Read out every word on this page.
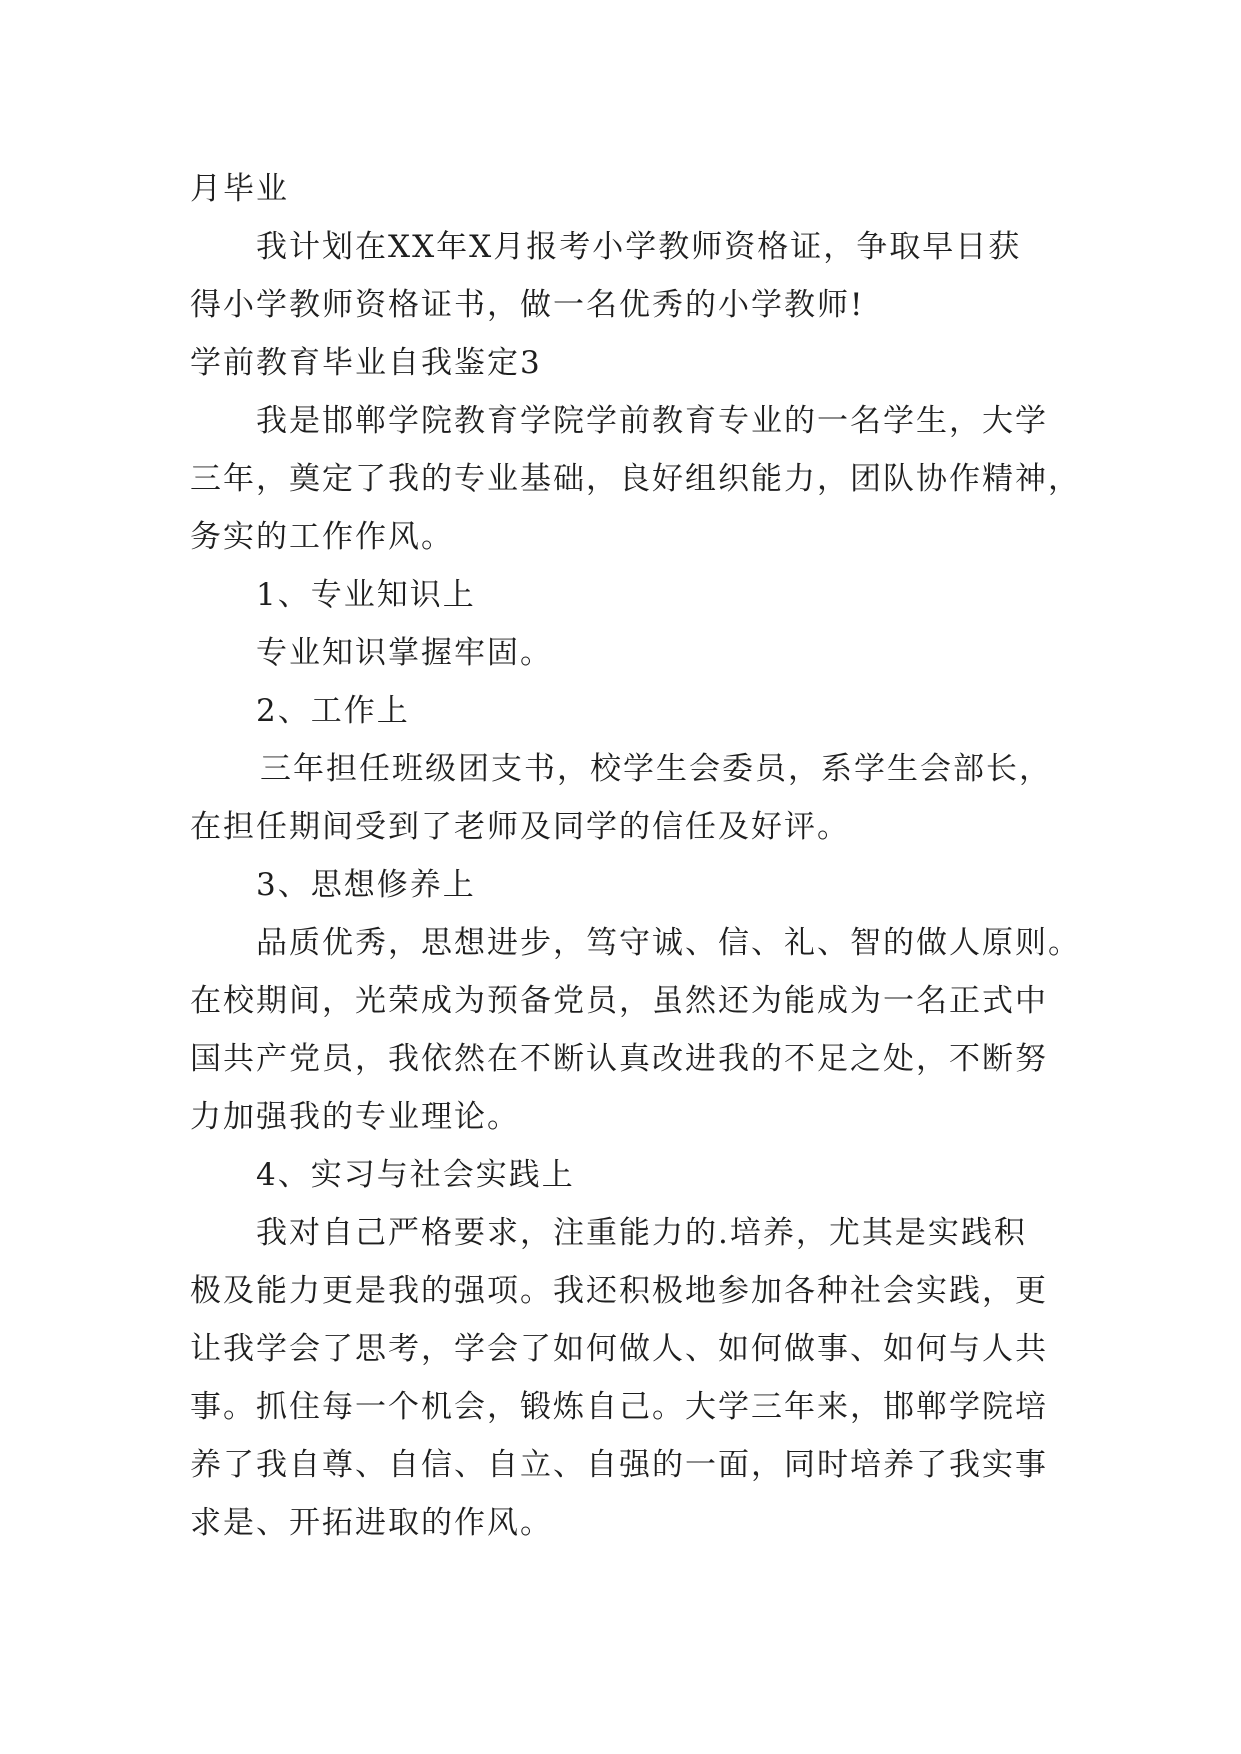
月毕业
我计划在XX年X月报考小学教师资格证，争取早日获
得小学教师资格证书，做一名优秀的小学教师!
学前教育毕业自我鉴定3
我是邯郸学院教育学院学前教育专业的一名学生，大学
三年，奠定了我的专业基础，良好组织能力，团队协作精神，
务实的工作作风。
1、专业知识上
专业知识掌握牢固。
2、工作上
三年担任班级团支书，校学生会委员，系学生会部长，
在担任期间受到了老师及同学的信任及好评。
3、思想修养上
品质优秀，思想进步，笃守诚、信、礼、智的做人原则。
在校期间，光荣成为预备党员，虽然还为能成为一名正式中
国共产党员，我依然在不断认真改进我的不足之处，不断努
力加强我的专业理论。
4、实习与社会实践上
我对自己严格要求，注重能力的.培养，尤其是实践积
极及能力更是我的强项。我还积极地参加各种社会实践，更
让我学会了思考，学会了如何做人、如何做事、如何与人共
事。抓住每一个机会，锻炼自己。大学三年来，邯郸学院培
养了我自尊、自信、自立、自强的一面，同时培养了我实事
求是、开拓进取的作风。
